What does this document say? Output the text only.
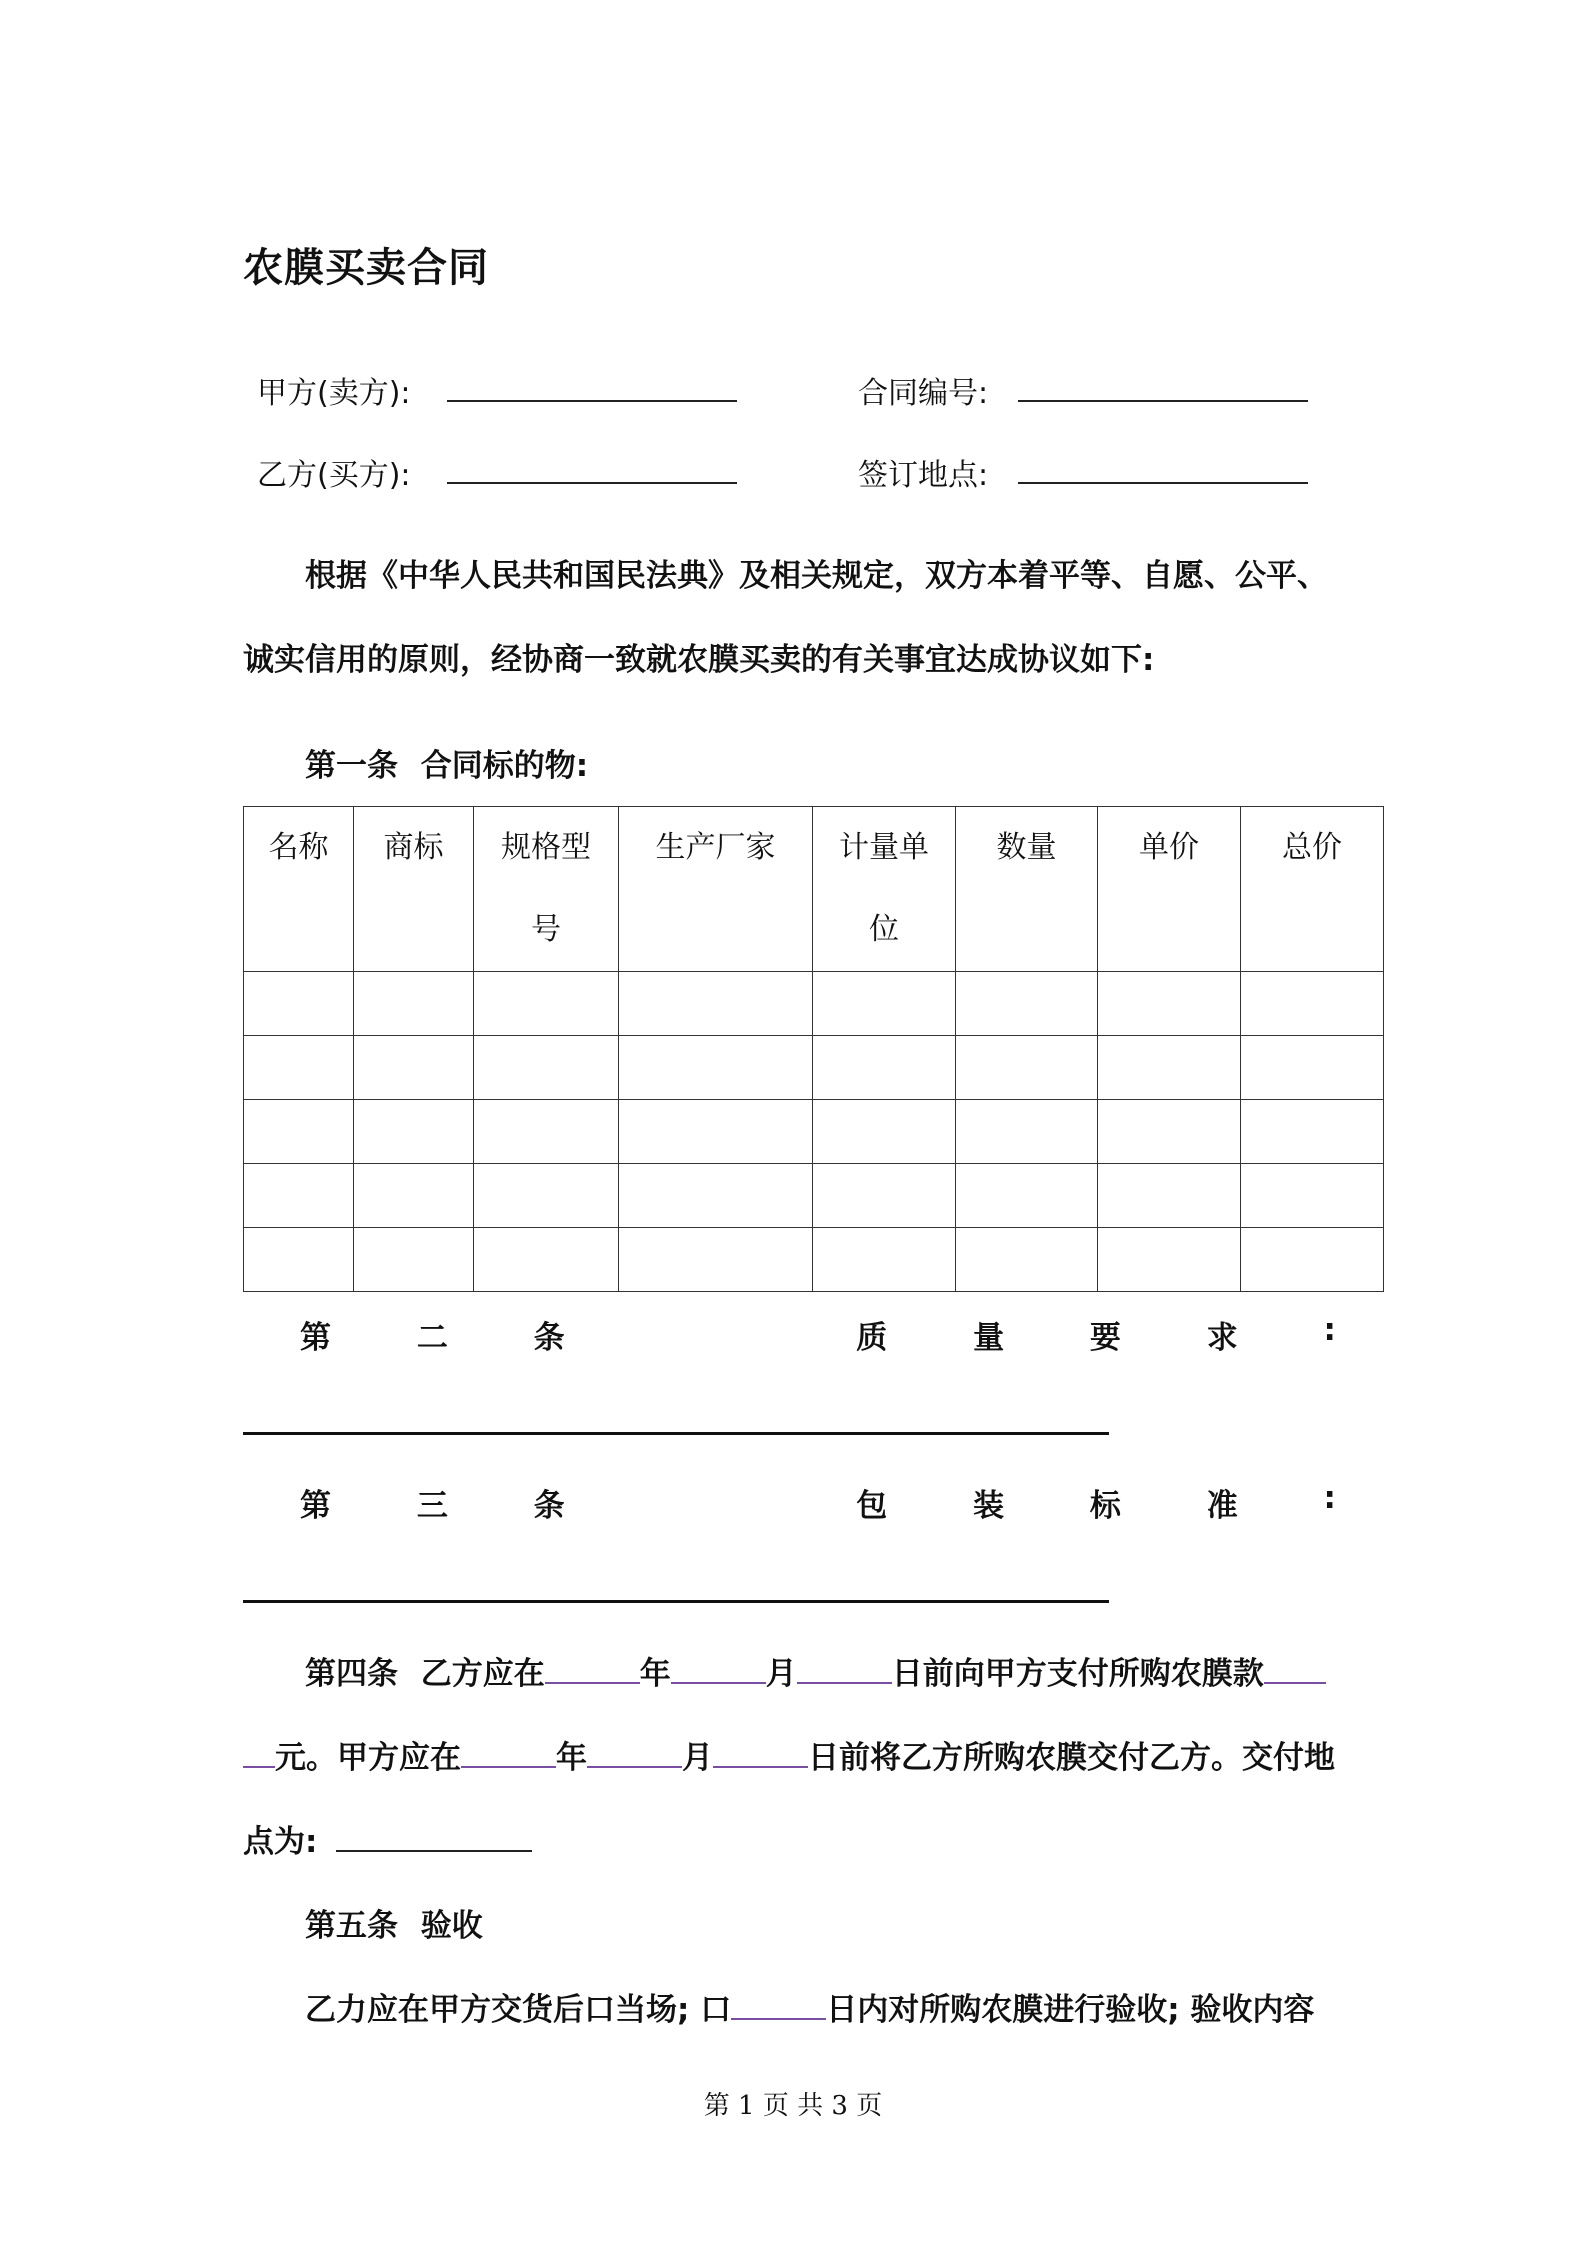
农膜买卖合同
甲方(卖方):	合同编号:
乙方(买方):	签订地点:
根据《中华人民共和国民法典》及相关规定，双方本着平等、自愿、公平、
诚实信用的原则，经协商一致就农膜买卖的有关事宜达成协议如下:
第一条 合同标的物:
名称	商标	规格型号	生产厂家	计量单位	数量	单价	总价

第	二	条	质	量	要	求	:
第	三	条	包	装	标	准	:
第四条 乙方应在	年	月	日前向甲方支付所购农膜款
元。甲方应在	年	月	日前将乙方所购农膜交付乙方。交付地
点为:
第五条 验收
乙力应在甲方交货后口当场; 口	日内对所购农膜进行验收; 验收内容
第 1 页 共 3 页
